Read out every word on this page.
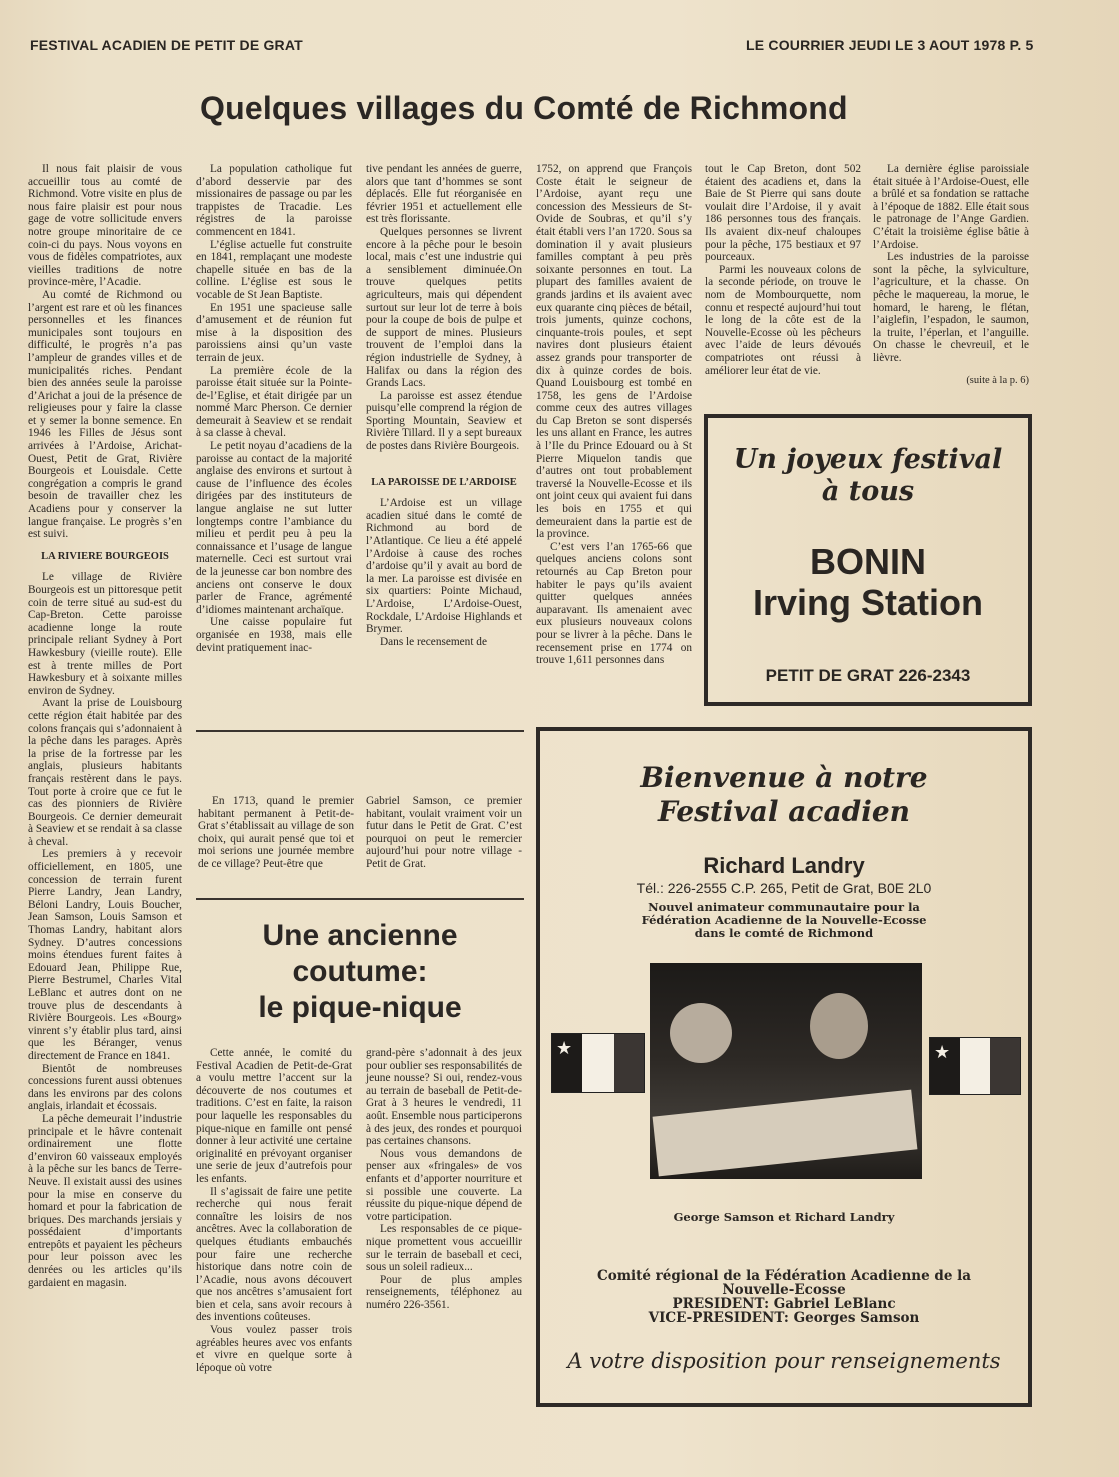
FESTIVAL ACADIEN DE PETIT DE GRAT	LE COURRIER JEUDI LE 3 AOUT 1978 P. 5
Quelques villages du Comté de Richmond

Il nous fait plaisir de vous accueillir tous au comté de Richmond. Votre visite en plus de nous faire plaisir est pour nous gage de votre sollicitude envers notre groupe minoritaire de ce coin-ci du pays. Nous voyons en vous de fidèles compatriotes, aux vieilles traditions de notre province-mère, l’Acadie.

Au comté de Richmond ou l’argent est rare et où les finances personnelles et les finances municipales sont toujours en difficulté, le progrès n’a pas l’ampleur de grandes villes et de municipalités riches. Pendant bien des années seule la paroisse d’Arichat a joui de la présence de religieuses pour y faire la classe et y semer la bonne semence. En 1946 les Filles de Jésus sont arrivées à l’Ardoise, Arichat-Ouest, Petit de Grat, Rivière Bourgeois et Louisdale. Cette congrégation a compris le grand besoin de travailler chez les Acadiens pour y conserver la langue française. Le progrès s’en est suivi.

LA RIVIERE BOURGEOIS

Le village de Rivière Bourgeois est un pittoresque petit coin de terre situé au sud-est du Cap-Breton. Cette paroisse acadienne longe la route principale reliant Sydney à Port Hawkesbury (vieille route). Elle est à trente milles de Port Hawkesbury et à soixante milles environ de Sydney.

Avant la prise de Louisbourg cette région était habitée par des colons français qui s’adonnaient à la pêche dans les parages. Après la prise de la fortresse par les anglais, plusieurs habitants français restèrent dans le pays. Tout porte à croire que ce fut le cas des pionniers de Rivière Bourgeois. Ce dernier demeurait à Seaview et se rendait à sa classe à cheval.

Les premiers à y recevoir officiellement, en 1805, une concession de terrain furent Pierre Landry, Jean Landry, Béloni Landry, Louis Boucher, Jean Samson, Louis Samson et Thomas Landry, habitant alors Sydney. D’autres concessions moins étendues furent faites à Edouard Jean, Philippe Rue, Pierre Bestrumel, Charles Vital LeBlanc et autres dont on ne trouve plus de descendants à Rivière Bourgeois. Les «Bourg» vinrent s’y établir plus tard, ainsi que les Béranger, venus directement de France en 1841.

Bientôt de nombreuses concessions furent aussi obtenues dans les environs par des colons anglais, irlandait et écossais.

La pêche demeurait l’industrie principale et le hâvre contenait ordinairement une flotte d’environ 60 vaisseaux employés à la pêche sur les bancs de Terre-Neuve. Il existait aussi des usines pour la mise en conserve du homard et pour la fabrication de briques. Des marchands jersiais y possédaient d’importants entrepôts et payaient les pêcheurs pour leur poisson avec les denrées ou les articles qu’ils gardaient en magasin.

La population catholique fut d’abord desservie par des missionaires de passage ou par les trappistes de Tracadie. Les régistres de la paroisse commencent en 1841.

L’église actuelle fut construite en 1841, remplaçant une modeste chapelle située en bas de la colline. L’église est sous le vocable de St Jean Baptiste.

En 1951 une spacieuse salle d’amusement et de réunion fut mise à la disposition des paroissiens ainsi qu’un vaste terrain de jeux.

La première école de la paroisse était située sur la Pointe-de-l’Eglise, et était dirigée par un nommé Marc Pherson. Ce dernier demeurait à Seaview et se rendait à sa classe à cheval.

Le petit noyau d’acadiens de la paroisse au contact de la majorité anglaise des environs et surtout à cause de l’influence des écoles dirigées par des instituteurs de langue anglaise ne sut lutter longtemps contre l’ambiance du milieu et perdit peu à peu la connaissance et l’usage de langue maternelle. Ceci est surtout vrai de la jeunesse car bon nombre des anciens ont conserve le doux parler de France, agrémenté d’idiomes maintenant archaïque.

Une caisse populaire fut organisée en 1938, mais elle devint pratiquement inac-

tive pendant les années de guerre, alors que tant d’hommes se sont déplacés. Elle fut réorganisée en février 1951 et actuellement elle est très florissante.

Quelques personnes se livrent encore à la pêche pour le besoin local, mais c’est une industrie qui a sensiblement diminuée.On trouve quelques petits agriculteurs, mais qui dépendent surtout sur leur lot de terre à bois pour la coupe de bois de pulpe et de support de mines. Plusieurs trouvent de l’emploi dans la région industrielle de Sydney, à Halifax ou dans la région des Grands Lacs.

La paroisse est assez étendue puisqu’elle comprend la région de Sporting Mountain, Seaview et Rivière Tillard. Il y a sept bureaux de postes dans Rivière Bourgeois.

LA PAROISSE DE L’ARDOISE

L’Ardoise est un village acadien situé dans le comté de Richmond au bord de l’Atlantique. Ce lieu a été appelé l’Ardoise à cause des roches d’ardoise qu’il y avait au bord de la mer. La paroisse est divisée en six quartiers: Pointe Michaud, L’Ardoise, L’Ardoise-Ouest, Rockdale, L’Ardoise Highlands et Brymer.

Dans le recensement de

1752, on apprend que François Coste était le seigneur de l’Ardoise, ayant reçu une concession des Messieurs de St-Ovide de Soubras, et qu’il s’y était établi vers l’an 1720. Sous sa domination il y avait plusieurs familles comptant à peu près soixante personnes en tout. La plupart des familles avaient de grands jardins et ils avaient avec eux quarante cinq pièces de bétail, trois juments, quinze cochons, cinquante-trois poules, et sept navires dont plusieurs étaient assez grands pour transporter de dix à quinze cordes de bois. Quand Louisbourg est tombé en 1758, les gens de l’Ardoise comme ceux des autres villages du Cap Breton se sont dispersés les uns allant en France, les autres à l’Ile du Prince Edouard ou à St Pierre Miquelon tandis que d’autres ont tout probablement traversé la Nouvelle-Ecosse et ils ont joint ceux qui avaient fui dans les bois en 1755 et qui demeuraient dans la partie est de la province.

C’est vers l’an 1765-66 que quelques anciens colons sont retournés au Cap Breton pour habiter le pays qu’ils avaient quitter quelques années auparavant. Ils amenaient avec eux plusieurs nouveaux colons pour se livrer à la pêche. Dans le recensement prise en 1774 on trouve 1,611 personnes dans

tout le Cap Breton, dont 502 étaient des acadiens et, dans la Baie de St Pierre qui sans doute voulait dire l’Ardoise, il y avait 186 personnes tous des français. Ils avaient dix-neuf chaloupes pour la pêche, 175 bestiaux et 97 pourceaux.

Parmi les nouveaux colons de la seconde période, on trouve le nom de Mombourquette, nom connu et respecté aujourd’hui tout le long de la côte est de la Nouvelle-Ecosse où les pêcheurs avec l’aide de leurs dévoués compatriotes ont réussi à améliorer leur état de vie.

La dernière église paroissiale était située à l’Ardoise-Ouest, elle a brûlé et sa fondation se rattache à l’époque de 1882. Elle était sous le patronage de l’Ange Gardien. C’était la troisième église bâtie à l’Ardoise.

Les industries de la paroisse sont la pêche, la sylviculture, l’agriculture, et la chasse. On pêche le maquereau, la morue, le homard, le hareng, le flétan, l’aiglefin, l’espadon, le saumon, la truite, l’éperlan, et l’anguille. On chasse le chevreuil, et le lièvre.

(suite à la p. 6)

Un joyeux festival
à tous
BONIN
Irving Station
PETIT DE GRAT 226-2343

En 1713, quand le premier habitant permanent à Petit-de-Grat s’établissait au village de son choix, qui aurait pensé que toi et moi serions une journée membre de ce village? Peut-être que

Gabriel Samson, ce premier habitant, voulait vraiment voir un futur dans le Petit de Grat. C’est pourquoi on peut le remercier aujourd’hui pour notre village - Petit de Grat.

Une ancienne
coutume:
le pique-nique

Cette année, le comité du Festival Acadien de Petit-de-Grat a voulu mettre l’accent sur la découverte de nos coutumes et traditions. C’est en faite, la raison pour laquelle les responsables du pique-nique en famille ont pensé donner à leur activité une certaine originalité en prévoyant organiser une serie de jeux d’autrefois pour les enfants.

Il s’agissait de faire une petite recherche qui nous ferait connaître les loisirs de nos ancêtres. Avec la collaboration de quelques étudiants embauchés pour faire une recherche historique dans notre coin de l’Acadie, nous avons découvert que nos ancêtres s’amusaient fort bien et cela, sans avoir recours à des inventions coûteuses.

Vous voulez passer trois agréables heures avec vos enfants et vivre en quelque sorte à lépoque où votre

grand-père s’adonnait à des jeux pour oublier ses responsabilités de jeune nousse? Si oui, rendez-vous au terrain de baseball de Petit-de-Grat à 3 heures le vendredi, 11 août. Ensemble nous participerons à des jeux, des rondes et pourquoi pas certaines chansons.

Nous vous demandons de penser aux «fringales» de vos enfants et d’apporter nourriture et si possible une couverte. La réussite du pique-nique dépend de votre participation.

Les responsables de ce pique-nique promettent vous accueillir sur le terrain de baseball et ceci, sous un soleil radieux...

Pour de plus amples renseignements, téléphonez au numéro 226-3561.

Bienvenue à notre
Festival acadien
Richard Landry
Tél.: 226-2555 C.P. 265, Petit de Grat, B0E 2L0
Nouvel animateur communautaire pour la
Fédération Acadienne de la Nouvelle-Ecosse
dans le comté de Richmond
George Samson et Richard Landry
Comité régional de la Fédération Acadienne de la
Nouvelle-Ecosse
PRESIDENT: Gabriel LeBlanc
VICE-PRESIDENT: Georges Samson
A votre disposition pour renseignements
★	★
